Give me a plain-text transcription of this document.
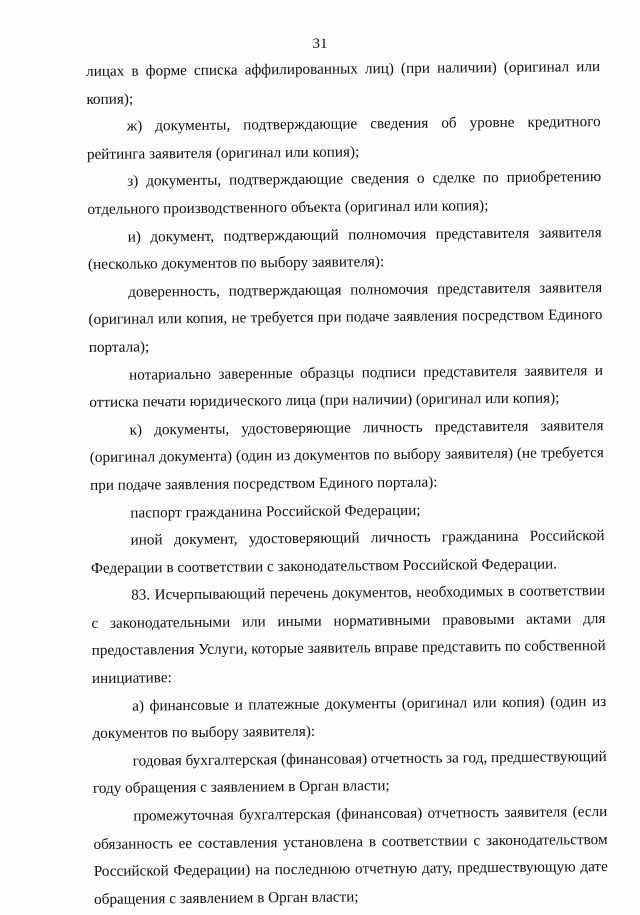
31

лицах в форме списка аффилированных лиц) (при наличии) (оригинал или копия);

ж) документы, подтверждающие сведения об уровне кредитного рейтинга заявителя (оригинал или копия);

з) документы, подтверждающие сведения о сделке по приобретению отдельного производственного объекта (оригинал или копия);

и) документ, подтверждающий полномочия представителя заявителя (несколько документов по выбору заявителя):

доверенность, подтверждающая полномочия представителя заявителя (оригинал или копия, не требуется при подаче заявления посредством Единого портала);

нотариально заверенные образцы подписи представителя заявителя и оттиска печати юридического лица (при наличии) (оригинал или копия);

к) документы, удостоверяющие личность представителя заявителя (оригинал документа) (один из документов по выбору заявителя) (не требуется при подаче заявления посредством Единого портала):

паспорт гражданина Российской Федерации;

иной документ, удостоверяющий личность гражданина Российской Федерации в соответствии с законодательством Российской Федерации.

83. Исчерпывающий перечень документов, необходимых в соответствии с законодательными или иными нормативными правовыми актами для предоставления Услуги, которые заявитель вправе представить по собственной инициативе:

а) финансовые и платежные документы (оригинал или копия) (один из документов по выбору заявителя):

годовая бухгалтерская (финансовая) отчетность за год, предшествующий году обращения с заявлением в Орган власти;

промежуточная бухгалтерская (финансовая) отчетность заявителя (если обязанность ее составления установлена в соответствии с законодательством Российской Федерации) на последнюю отчетную дату, предшествующую дате обращения с заявлением в Орган власти;
